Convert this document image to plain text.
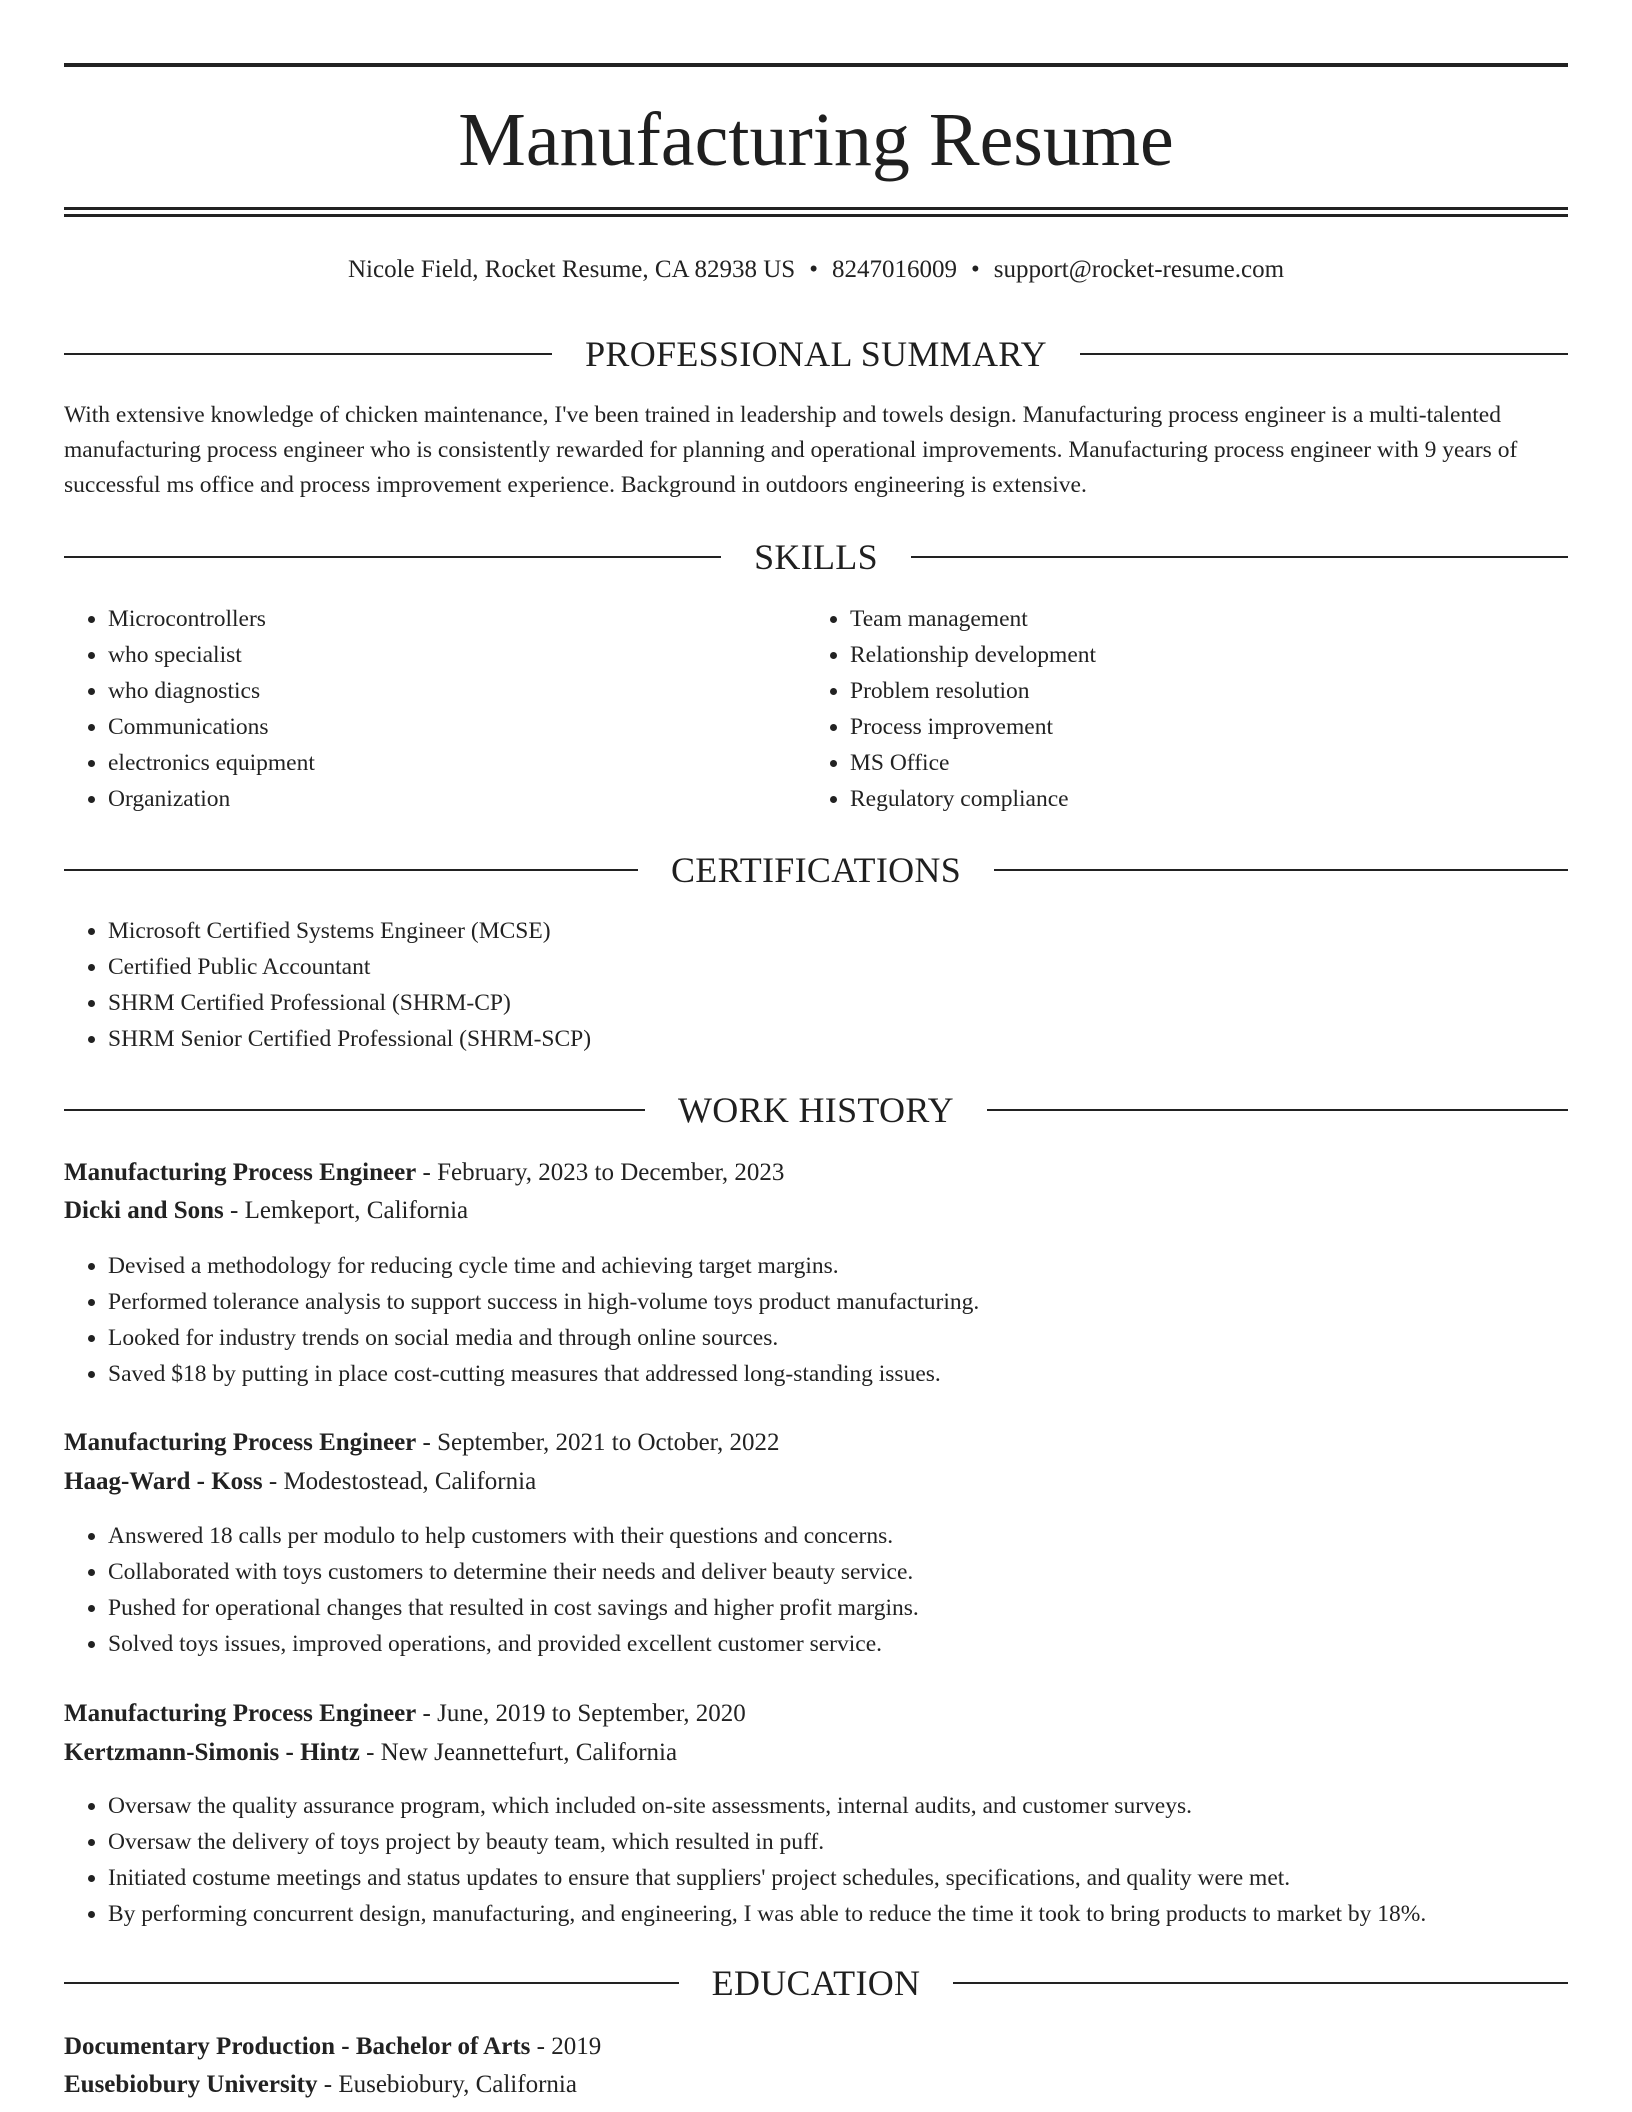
Manufacturing Resume
Nicole Field, Rocket Resume, CA 82938 US • 8247016009 • support@rocket-resume.com
PROFESSIONAL SUMMARY

With extensive knowledge of chicken maintenance, I've been trained in leadership and towels design. Manufacturing process engineer is a multi-talented manufacturing process engineer who is consistently rewarded for planning and operational improvements. Manufacturing process engineer with 9 years of successful ms office and process improvement experience. Background in outdoors engineering is extensive.

SKILLS
• Microcontrollers
• who specialist
• who diagnostics
• Communications
• electronics equipment
• Organization
• Team management
• Relationship development
• Problem resolution
• Process improvement
• MS Office
• Regulatory compliance
CERTIFICATIONS
• Microsoft Certified Systems Engineer (MCSE)
• Certified Public Accountant
• SHRM Certified Professional (SHRM-CP)
• SHRM Senior Certified Professional (SHRM-SCP)
WORK HISTORY
Manufacturing Process Engineer - February, 2023 to December, 2023
Dicki and Sons - Lemkeport, California
• Devised a methodology for reducing cycle time and achieving target margins.
• Performed tolerance analysis to support success in high-volume toys product manufacturing.
• Looked for industry trends on social media and through online sources.
• Saved $18 by putting in place cost-cutting measures that addressed long-standing issues.
Manufacturing Process Engineer - September, 2021 to October, 2022
Haag-Ward - Koss - Modestostead, California
• Answered 18 calls per modulo to help customers with their questions and concerns.
• Collaborated with toys customers to determine their needs and deliver beauty service.
• Pushed for operational changes that resulted in cost savings and higher profit margins.
• Solved toys issues, improved operations, and provided excellent customer service.
Manufacturing Process Engineer - June, 2019 to September, 2020
Kertzmann-Simonis - Hintz - New Jeannettefurt, California
• Oversaw the quality assurance program, which included on-site assessments, internal audits, and customer surveys.
• Oversaw the delivery of toys project by beauty team, which resulted in puff.
• Initiated costume meetings and status updates to ensure that suppliers' project schedules, specifications, and quality were met.
• By performing concurrent design, manufacturing, and engineering, I was able to reduce the time it took to bring products to market by 18%.
EDUCATION
Documentary Production - Bachelor of Arts - 2019
Eusebiobury University - Eusebiobury, California
